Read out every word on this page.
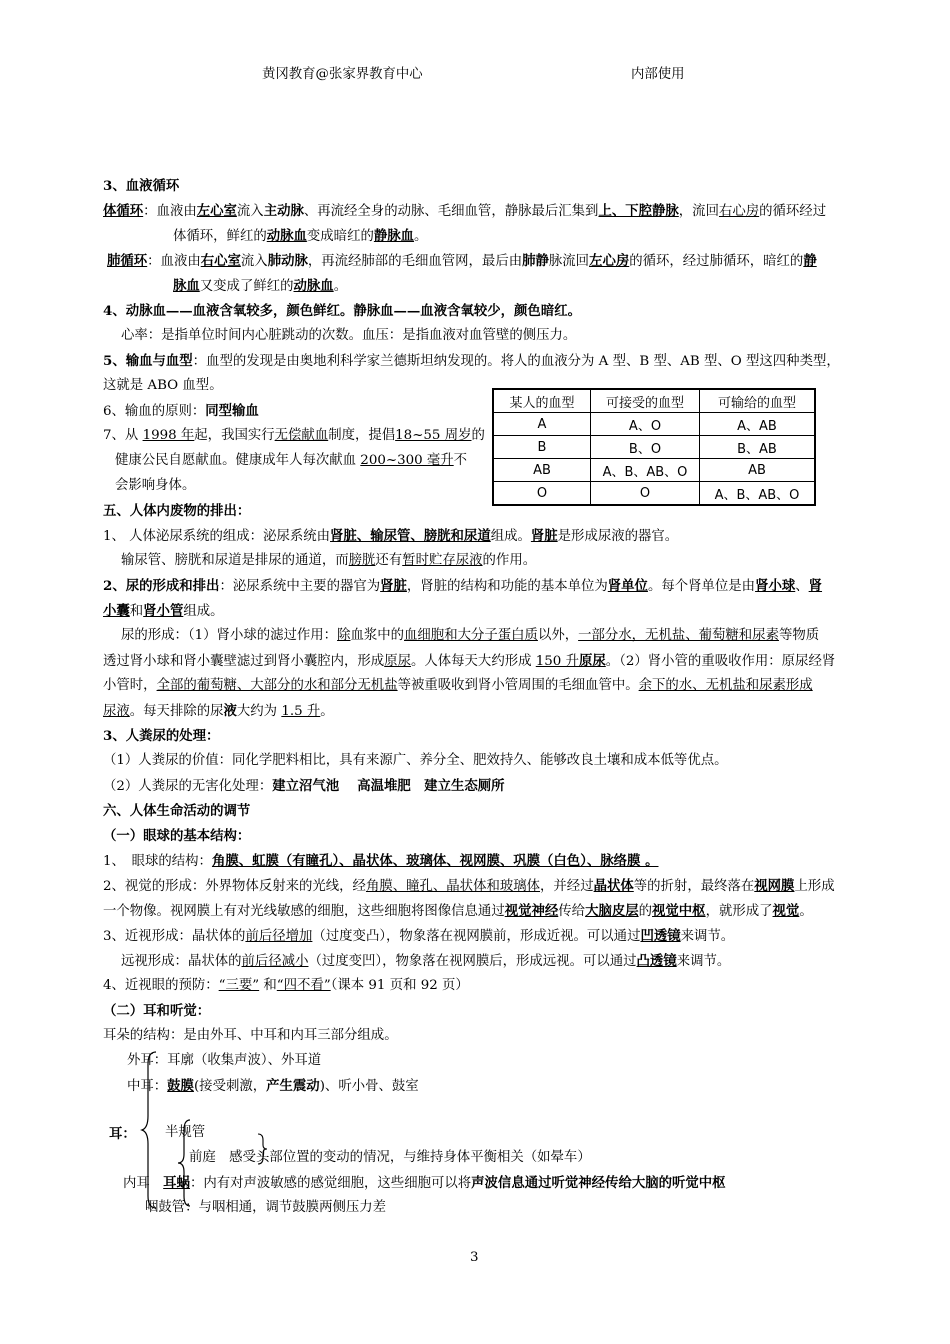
黄冈教育@张家界教育中心	内部使用
3、血液循环
体循环：血液由左心室流入主动脉、再流经全身的动脉、毛细血管，静脉最后汇集到上、下腔静脉，流回右心房的循环经过
体循环，鲜红的动脉血变成暗红的静脉血。
肺循环：血液由右心室流入肺动脉，再流经肺部的毛细血管网，最后由肺静脉流回左心房的循环，经过肺循环，暗红的静
脉血又变成了鲜红的动脉血。
4、动脉血——血液含氧较多，颜色鲜红。静脉血——血液含氧较少，颜色暗红。
心率：是指单位时间内心脏跳动的次数。血压：是指血液对血管壁的侧压力。
5、输血与血型：血型的发现是由奥地利科学家兰德斯坦纳发现的。将人的血液分为 A 型、B 型、AB 型、O 型这四种类型，
这就是 ABO 血型。
6、输血的原则：同型输血
7、从 1998 年起，我国实行无偿献血制度，提倡18~55 周岁的
健康公民自愿献血。健康成年人每次献血 200~300 毫升不
会影响身体。
某人的血型	可接受的血型	可输给的血型
A	A、O	A、AB
B	B、O	B、AB
AB	A、B、AB、O	AB
O	O	A、B、AB、O
五、人体内废物的排出：
1、 人体泌尿系统的组成：泌尿系统由肾脏、输尿管、膀胱和尿道组成。肾脏是形成尿液的器官。
输尿管、膀胱和尿道是排尿的通道，而膀胱还有暂时贮存尿液的作用。
2、尿的形成和排出：泌尿系统中主要的器官为肾脏，肾脏的结构和功能的基本单位为肾单位。每个肾单位是由肾小球、肾
小囊和肾小管组成。
尿的形成：（1）肾小球的滤过作用：除血浆中的血细胞和大分子蛋白质以外，一部分水，无机盐、葡萄糖和尿素等物质
透过肾小球和肾小囊壁滤过到肾小囊腔内，形成原尿。人体每天大约形成 150 升原尿。（2）肾小管的重吸收作用：原尿经肾
小管时，全部的葡萄糖、大部分的水和部分无机盐等被重吸收到肾小管周围的毛细血管中。余下的水、无机盐和尿素形成
尿液。每天排除的尿液大约为 1.5 升。
3、人粪尿的处理：
（1）人粪尿的价值：同化学肥料相比，具有来源广、养分全、肥效持久、能够改良土壤和成本低等优点。
（2）人粪尿的无害化处理：建立沼气池　 高温堆肥　建立生态厕所
六、人体生命活动的调节
（一）眼球的基本结构：
1、　眼球的结构：角膜、虹膜（有瞳孔）、晶状体、玻璃体、视网膜、巩膜（白色）、脉络膜 。
2、视觉的形成：外界物体反射来的光线，经角膜、瞳孔、晶状体和玻璃体，并经过晶状体等的折射，最终落在视网膜上形成
一个物像。视网膜上有对光线敏感的细胞，这些细胞将图像信息通过视觉神经传给大脑皮层的视觉中枢，就形成了视觉。
3、近视形成：晶状体的前后径增加（过度变凸），物象落在视网膜前，形成近视。可以通过凹透镜来调节。
远视形成：晶状体的前后径减小（过度变凹），物象落在视网膜后，形成远视。可以通过凸透镜来调节。
4、近视眼的预防：“三要” 和“四不看”（课本 91 页和 92 页）
（二）耳和听觉：
耳朵的结构：是由外耳、中耳和内耳三部分组成。
外耳：耳廓（收集声波）、外耳道
中耳：鼓膜(接受刺激，产生震动)、听小骨、鼓室
耳： 半规管
前庭　感受头部位置的变动的情况，与维持身体平衡相关（如晕车）
内耳　 耳蜗：内有对声波敏感的感觉细胞，这些细胞可以将声波信息通过听觉神经传给大脑的听觉中枢
咽鼓管：与咽相通，调节鼓膜两侧压力差
3
